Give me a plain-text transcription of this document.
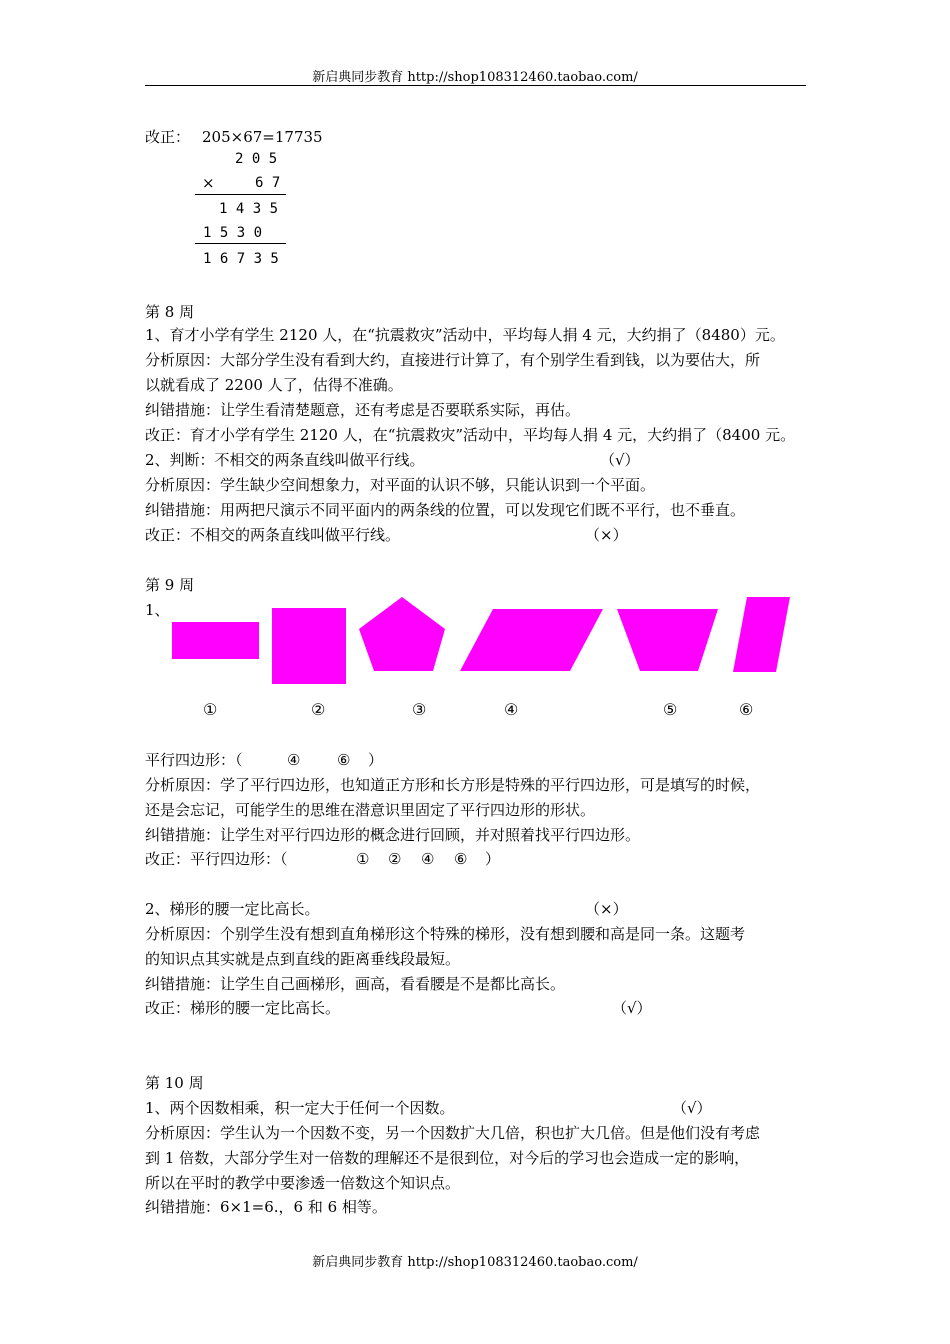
新启典同步教育 http://shop108312460.taobao.com/
改正： 205×67=17735
2 0 5
×	6 7
1 4 3 5
1 5 3 0
1 6 7 3 5
第 8 周
1、育才小学有学生 2120 人，在“抗震救灾”活动中，平均每人捐 4 元，大约捐了（8480）元。
分析原因：大部分学生没有看到大约，直接进行计算了，有个别学生看到钱，以为要估大，所
以就看成了 2200 人了，估得不准确。
纠错措施：让学生看清楚题意，还有考虑是否要联系实际，再估。
改正：育才小学有学生 2120 人，在“抗震救灾”活动中，平均每人捐 4 元，大约捐了（8400 元。
2、判断：不相交的两条直线叫做平行线。	（√）
分析原因：学生缺少空间想象力，对平面的认识不够，只能认识到一个平面。
纠错措施：用两把尺演示不同平面内的两条线的位置，可以发现它们既不平行，也不垂直。
改正：不相交的两条直线叫做平行线。	（×）
第 9 周
1、
①	②	③	④	⑤	⑥
平行四边形：（	④ ⑥ ）
分析原因：学了平行四边形，也知道正方形和长方形是特殊的平行四边形，可是填写的时候，
还是会忘记，可能学生的思维在潜意识里固定了平行四边形的形状。
纠错措施：让学生对平行四边形的概念进行回顾，并对照着找平行四边形。
改正：平行四边形：（	① ② ④ ⑥ ）
2、梯形的腰一定比高长。	（×）
分析原因：个别学生没有想到直角梯形这个特殊的梯形，没有想到腰和高是同一条。这题考
的知识点其实就是点到直线的距离垂线段最短。
纠错措施：让学生自己画梯形，画高，看看腰是不是都比高长。
改正：梯形的腰一定比高长。	（√）
第 10 周
1、两个因数相乘，积一定大于任何一个因数。	（√）
分析原因：学生认为一个因数不变，另一个因数扩大几倍，积也扩大几倍。但是他们没有考虑
到 1 倍数，大部分学生对一倍数的理解还不是很到位，对今后的学习也会造成一定的影响，
所以在平时的教学中要渗透一倍数这个知识点。
纠错措施：6×1=6.，6 和 6 相等。
新启典同步教育 http://shop108312460.taobao.com/
